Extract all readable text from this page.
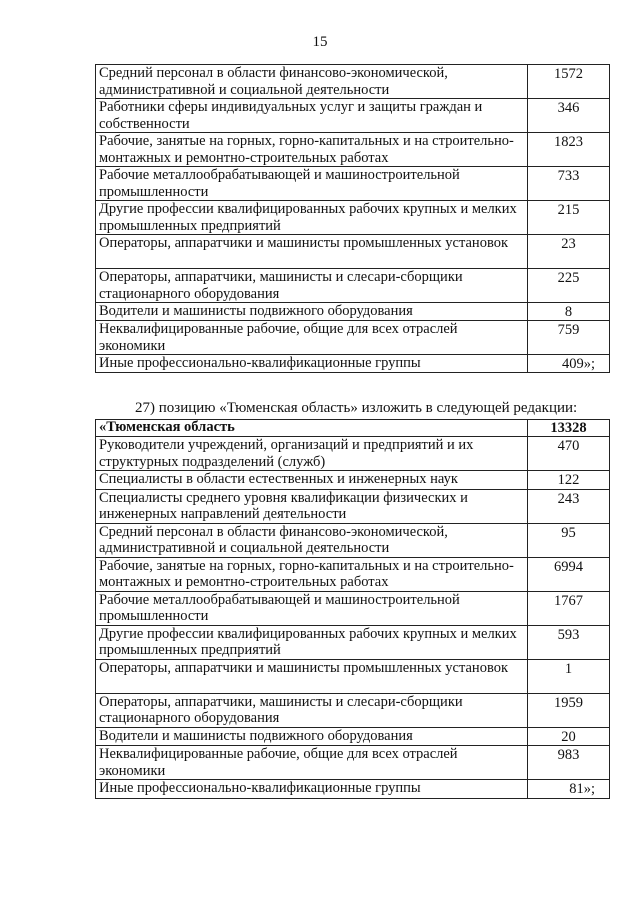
15
Средний персонал в области финансово-экономической, административной и социальной деятельности	1572
Работники сферы индивидуальных услуг и защиты граждан и собственности	346
Рабочие, занятые на горных, горно-капитальных и на строительно-монтажных и ремонтно-строительных работах	1823
Рабочие металлообрабатывающей и машиностроительной промышленности	733
Другие профессии квалифицированных рабочих крупных и мелких промышленных предприятий	215
Операторы, аппаратчики и машинисты промышленных установок	23
Операторы, аппаратчики, машинисты и слесари-сборщики стационарного оборудования	225
Водители и машинисты подвижного оборудования	8
Неквалифицированные рабочие, общие для всех отраслей экономики	759
Иные профессионально-квалификационные группы	409»;
27) позицию «Тюменская область» изложить в следующей редакции:
«Тюменская область	13328
Руководители учреждений, организаций и предприятий и их структурных подразделений (служб)	470
Специалисты в области естественных и инженерных наук	122
Специалисты среднего уровня квалификации физических и инженерных направлений деятельности	243
Средний персонал в области финансово-экономической, административной и социальной деятельности	95
Рабочие, занятые на горных, горно-капитальных и на строительно-монтажных и ремонтно-строительных работах	6994
Рабочие металлообрабатывающей и машиностроительной промышленности	1767
Другие профессии квалифицированных рабочих крупных и мелких промышленных предприятий	593
Операторы, аппаратчики и машинисты промышленных установок	1
Операторы, аппаратчики, машинисты и слесари-сборщики стационарного оборудования	1959
Водители и машинисты подвижного оборудования	20
Неквалифицированные рабочие, общие для всех отраслей экономики	983
Иные профессионально-квалификационные группы	81»;
